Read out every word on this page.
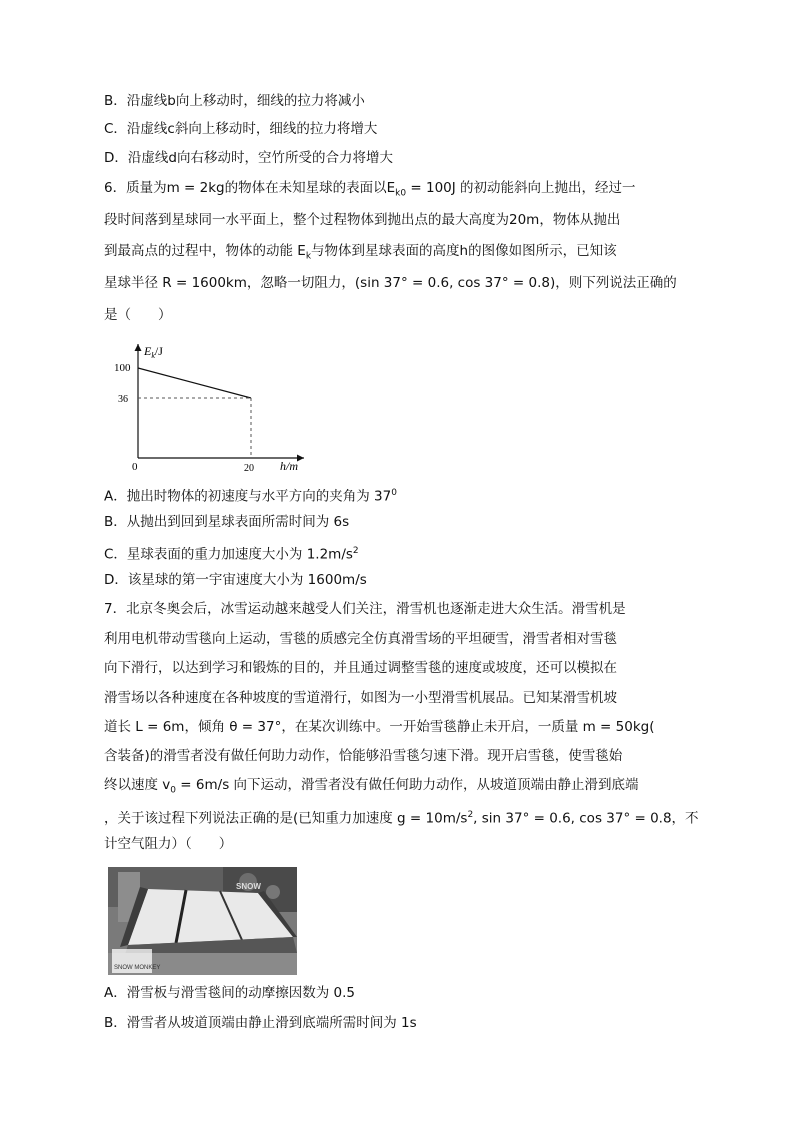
B．沿虚线b向上移动时，细线的拉力将减小
C．沿虚线c斜向上移动时，细线的拉力将增大
D．沿虚线d向右移动时，空竹所受的合力将增大
6．质量为m = 2kg的物体在未知星球的表面以$E_{k0} = 100J$ 的初动能斜向上抛出，经过一
段时间落到星球同一水平面上，整个过程物体到抛出点的最大高度为20m，物体从抛出
到最高点的过程中，物体的动能 $E_k$与物体到星球表面的高度h的图像如图所示，已知该
星球半径 R = 1600km，忽略一切阻力，(sin 37° = 0.6, cos 37° = 0.8)，则下列说法正确的
是（　　）
$E_k/J$
100
36
0	20 h/m
A．抛出时物体的初速度与水平方向的夹角为 $37^0$
B．从抛出到回到星球表面所需时间为 6s
C．星球表面的重力加速度大小为 $1.2m/s^2$
D．该星球的第一宇宙速度大小为 1600m/s
7．北京冬奥会后，冰雪运动越来越受人们关注，滑雪机也逐渐走进大众生活。滑雪机是
利用电机带动雪毯向上运动，雪毯的质感完全仿真滑雪场的平坦硬雪，滑雪者相对雪毯
向下滑行，以达到学习和锻炼的目的，并且通过调整雪毯的速度或坡度，还可以模拟在
滑雪场以各种速度在各种坡度的雪道滑行，如图为一小型滑雪机展品。已知某滑雪机坡
道长 L = 6m，倾角 θ = 37°，在某次训练中。一开始雪毯静止未开启，一质量 m = 50kg(
含装备)的滑雪者没有做任何助力动作，恰能够沿雪毯匀速下滑。现开启雪毯，使雪毯始
终以速度 $v_0 = 6m/s$ 向下运动，滑雪者没有做任何助力动作，从坡道顶端由静止滑到底端
，关于该过程下列说法正确的是(已知重力加速度 $g = 10m/s^2$, sin 37° = 0.6, cos 37° = 0.8，不
计空气阻力）（　　）
SNOW
SNOW MONKEY
A．滑雪板与滑雪毯间的动摩擦因数为 0.5
B．滑雪者从坡道顶端由静止滑到底端所需时间为 1s
